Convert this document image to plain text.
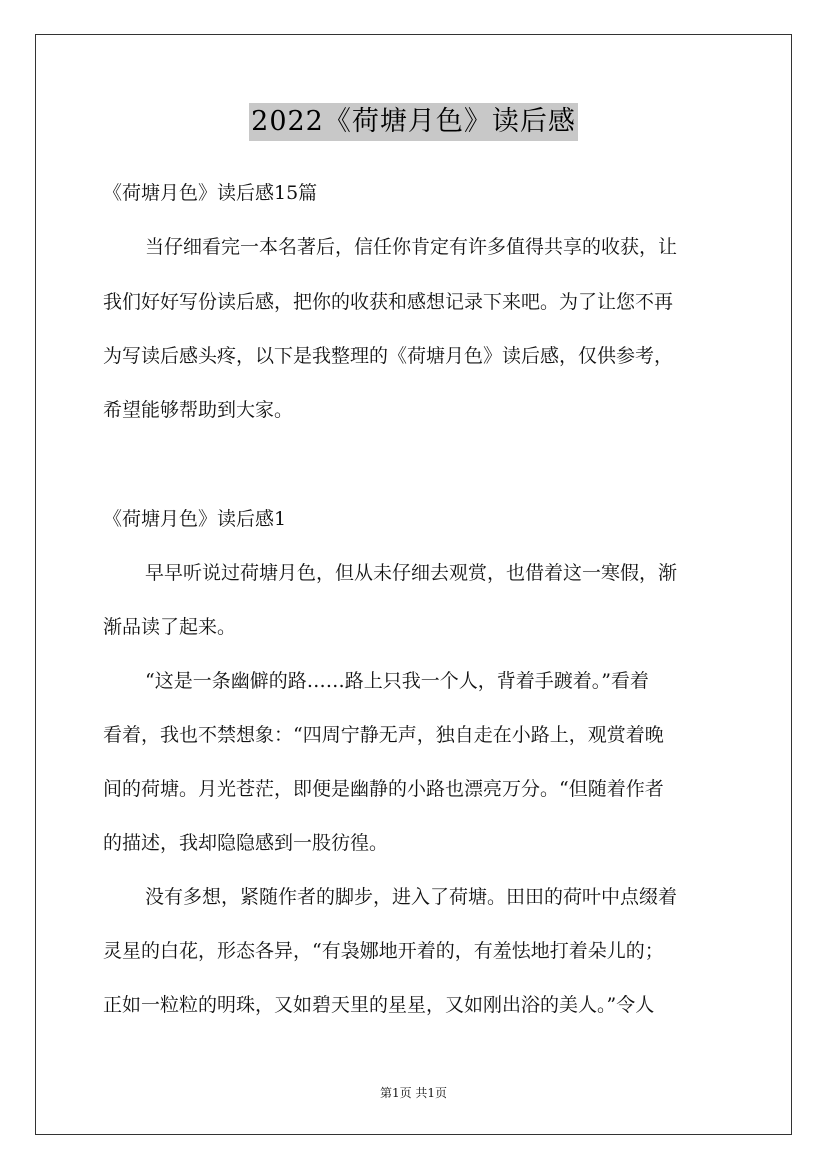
2022《荷塘月色》读后感
《荷塘月色》读后感15篇
当仔细看完一本名著后，信任你肯定有许多值得共享的收获，让
我们好好写份读后感，把你的收获和感想记录下来吧。为了让您不再
为写读后感头疼，以下是我整理的《荷塘月色》读后感，仅供参考，
希望能够帮助到大家。
《荷塘月色》读后感1
早早听说过荷塘月色，但从未仔细去观赏，也借着这一寒假，渐
渐品读了起来。
“这是一条幽僻的路……路上只我一个人，背着手踱着。”看着
看着，我也不禁想象：“四周宁静无声，独自走在小路上，观赏着晚
间的荷塘。月光苍茫，即便是幽静的小路也漂亮万分。“但随着作者
的描述，我却隐隐感到一股彷徨。
没有多想，紧随作者的脚步，进入了荷塘。田田的荷叶中点缀着
灵星的白花，形态各异，“有袅娜地开着的，有羞怯地打着朵儿的；
正如一粒粒的明珠，又如碧天里的星星，又如刚出浴的美人。”令人
第1页 共1页
